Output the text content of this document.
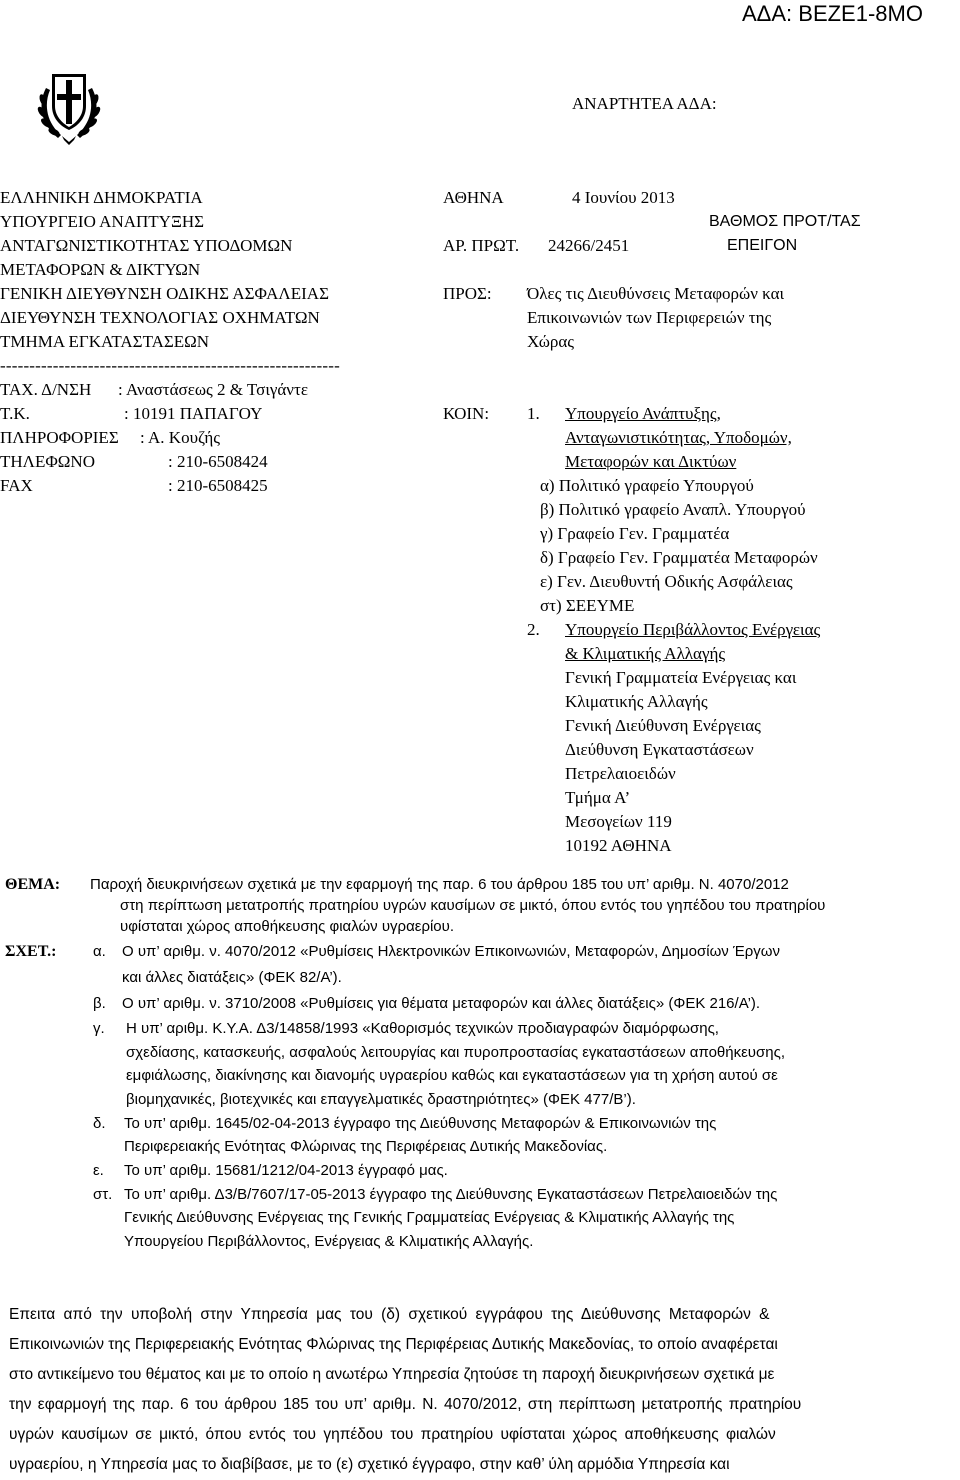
ΑΔΑ: ΒΕΖΕ1-8ΜΟ
ΑΝΑΡΤΗΤΕΑ ΑΔΑ:
ΕΛΛΗΝΙΚΗ ΔΗΜΟΚΡΑΤΙΑ
ΥΠΟΥΡΓΕΙΟ ΑΝΑΠΤΥΞΗΣ
ΑΝΤΑΓΩΝΙΣΤΙΚΟΤΗΤΑΣ ΥΠΟΔΟΜΩΝ
ΜΕΤΑΦΟΡΩΝ & ΔΙΚΤΥΩΝ
ΓΕΝΙΚΗ ΔΙΕΥΘΥΝΣΗ ΟΔΙΚΗΣ ΑΣΦΑΛΕΙΑΣ
ΔΙΕΥΘΥΝΣΗ ΤΕΧΝΟΛΟΓΙΑΣ ΟΧΗΜΑΤΩΝ
ΤΜΗΜΑ ΕΓΚΑΤΑΣΤΑΣΕΩΝ
----------------------------------------------------------
ΤΑΧ. Δ/ΝΣΗ : Αναστάσεως 2 & Τσιγάντε
Τ.Κ.	: 10191 ΠΑΠΑΓΟΥ
ΠΛΗΡΟΦΟΡΙΕΣ : Α. Κουζής
ΤΗΛΕΦΩΝΟ	: 210-6508424
FAX	: 210-6508425
ΑΘΗΝΑ	4 Ιουνίου 2013
ΒΑΘΜΟΣ ΠΡΟΤ/ΤΑΣ
ΑΡ. ΠΡΩΤ. 24266/2451	ΕΠΕΙΓΟΝ
ΠΡΟΣ: Όλες τις Διευθύνσεις Μεταφορών και
Επικοινωνιών των Περιφερειών της
Χώρας
ΚΟΙΝ: 1. Υπουργείο Ανάπτυξης,
Ανταγωνιστικότητας, Υποδομών,
Μεταφορών και Δικτύων
α) Πολιτικό γραφείο Υπουργού
β) Πολιτικό γραφείο Αναπλ. Υπουργού
γ) Γραφείο Γεν. Γραμματέα
δ) Γραφείο Γεν. Γραμματέα Μεταφορών
ε) Γεν. Διευθυντή Οδικής Ασφάλειας
στ) ΣΕΕΥΜΕ
2. Υπουργείο Περιβάλλοντος Ενέργειας
& Κλιματικής Αλλαγής
Γενική Γραμματεία Ενέργειας και
Κλιματικής Αλλαγής
Γενική Διεύθυνση Ενέργειας
Διεύθυνση Εγκαταστάσεων
Πετρελαιοειδών
Τμήμα Α’
Μεσογείων 119
10192 ΑΘΗΝΑ
ΘΕΜΑ: Παροχή διευκρινήσεων σχετικά με την εφαρμογή της παρ. 6 του άρθρου 185 του υπ’ αριθμ. Ν. 4070/2012
στη περίπτωση μετατροπής πρατηρίου υγρών καυσίμων σε μικτό, όπου εντός του γηπέδου του πρατηρίου
υφίσταται χώρος αποθήκευσης φιαλών υγραερίου.
ΣΧΕΤ.: α. Ο υπ’ αριθμ. ν. 4070/2012 «Ρυθμίσεις Ηλεκτρονικών Επικοινωνιών, Μεταφορών, Δημοσίων Έργων
και άλλες διατάξεις» (ΦΕΚ 82/Α’).
β. Ο υπ’ αριθμ. ν. 3710/2008 «Ρυθμίσεις για θέματα μεταφορών και άλλες διατάξεις» (ΦΕΚ 216/Α’).
γ. Η υπ’ αριθμ. Κ.Υ.Α. Δ3/14858/1993 «Καθορισμός τεχνικών προδιαγραφών διαμόρφωσης,
σχεδίασης, κατασκευής, ασφαλούς λειτουργίας και πυροπροστασίας εγκαταστάσεων αποθήκευσης,
εμφιάλωσης, διακίνησης και διανομής υγραερίου καθώς και εγκαταστάσεων για τη χρήση αυτού σε
βιομηχανικές, βιοτεχνικές και επαγγελματικές δραστηριότητες» (ΦΕΚ 477/Β’).
δ. Το υπ’ αριθμ. 1645/02-04-2013 έγγραφο της Διεύθυνσης Μεταφορών & Επικοινωνιών της
Περιφερειακής Ενότητας Φλώρινας της Περιφέρειας Δυτικής Μακεδονίας.
ε. Το υπ’ αριθμ. 15681/1212/04-2013 έγγραφό μας.
στ. Το υπ’ αριθμ. Δ3/Β/7607/17-05-2013 έγγραφο της Διεύθυνσης Εγκαταστάσεων Πετρελαιοειδών της
Γενικής Διεύθυνσης Ενέργειας της Γενικής Γραμματείας Ενέργειας & Κλιματικής Αλλαγής της
Υπουργείου Περιβάλλοντος, Ενέργειας & Κλιματικής Αλλαγής.
Επειτα από την υποβολή στην Υπηρεσία μας του (δ) σχετικού εγγράφου της Διεύθυνσης Μεταφορών &
Επικοινωνιών της Περιφερειακής Ενότητας Φλώρινας της Περιφέρειας Δυτικής Μακεδονίας, το οποίο αναφέρεται
στο αντικείμενο του θέματος και με το οποίο η ανωτέρω Υπηρεσία ζητούσε τη παροχή διευκρινήσεων σχετικά με
την εφαρμογή της παρ. 6 του άρθρου 185 του υπ’ αριθμ. Ν. 4070/2012, στη περίπτωση μετατροπής πρατηρίου
υγρών καυσίμων σε μικτό, όπου εντός του γηπέδου του πρατηρίου υφίσταται χώρος αποθήκευσης φιαλών
υγραερίου, η Υπηρεσία μας το διαβίβασε, με το (ε) σχετικό έγγραφο, στην καθ’ ύλη αρμόδια Υπηρεσία και
